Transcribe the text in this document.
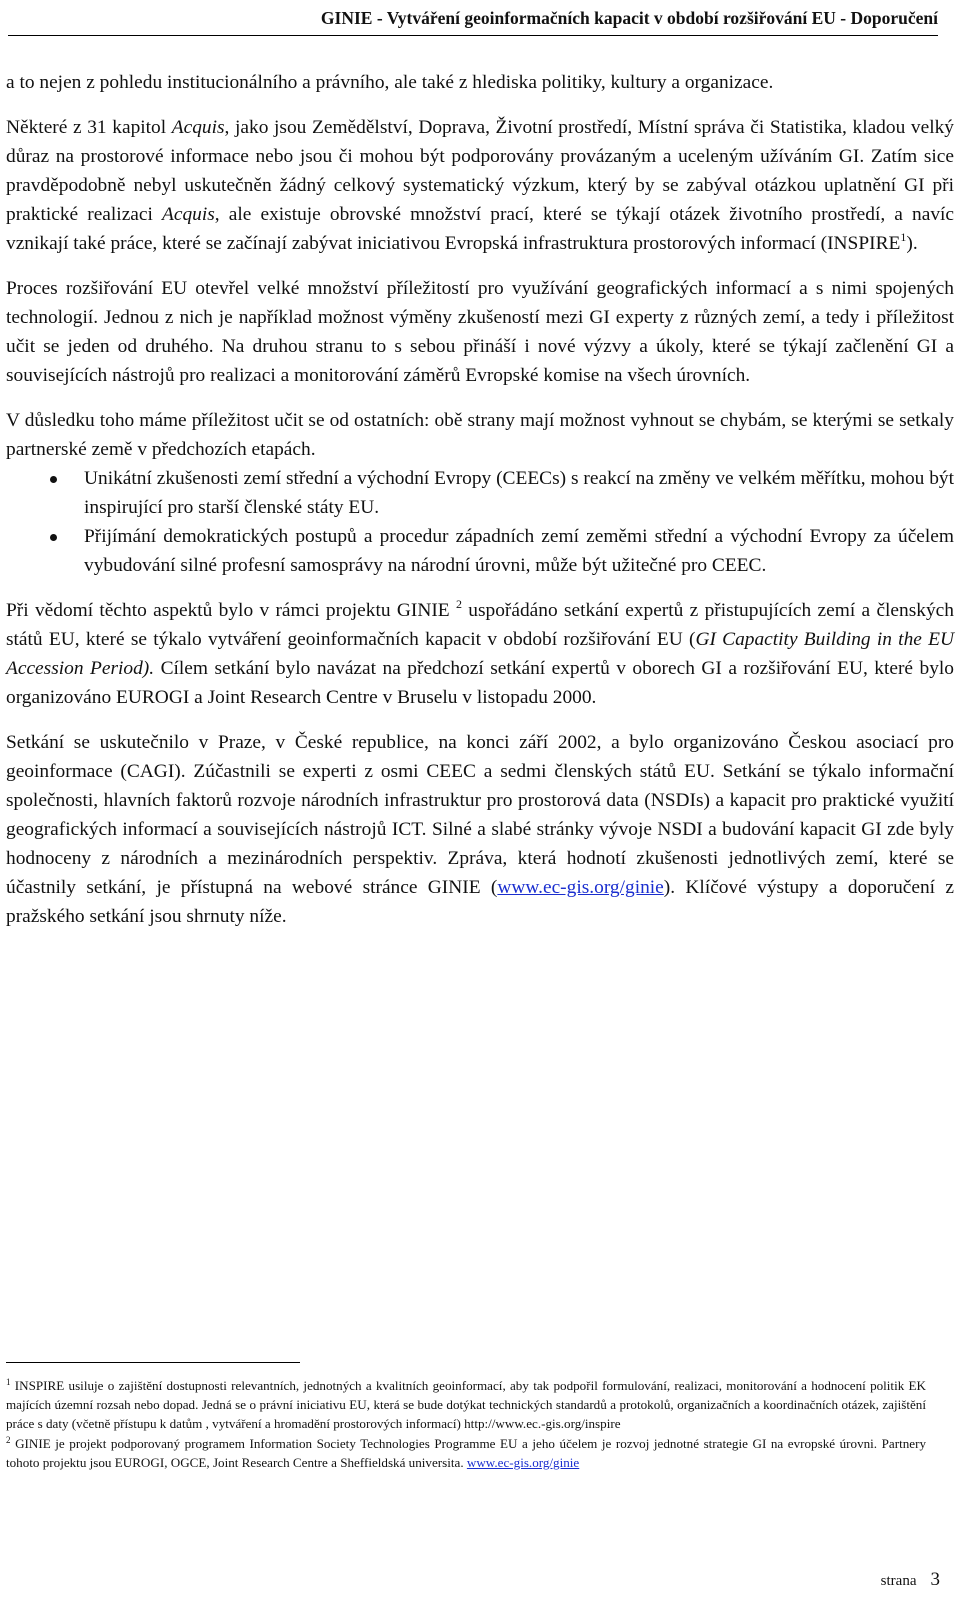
GINIE - Vytváření geoinformačních kapacit v období rozšiřování EU - Doporučení

a to nejen z pohledu institucionálního a právního, ale také z hlediska politiky, kultury a organizace.

Některé z 31 kapitol Acquis, jako jsou Zemědělství, Doprava, Životní prostředí, Místní správa či Statistika, kladou velký důraz na prostorové informace nebo jsou či mohou být podporovány provázaným a uceleným užíváním GI. Zatím sice pravděpodobně nebyl uskutečněn žádný celkový systematický výzkum, který by se zabýval otázkou uplatnění GI při praktické realizaci Acquis, ale existuje obrovské množství prací, které se týkají otázek životního prostředí, a navíc vznikají také práce, které se začínají zabývat iniciativou Evropská infrastruktura prostorových informací (INSPIRE$^1$).

Proces rozšiřování EU otevřel velké množství příležitostí pro využívání geografických informací a s nimi spojených technologií. Jednou z nich je například možnost výměny zkušeností mezi GI experty z různých zemí, a tedy i příležitost učit se jeden od druhého. Na druhou stranu to s sebou přináší i nové výzvy a úkoly, které se týkají začlenění GI a souvisejících nástrojů pro realizaci a monitorování záměrů Evropské komise na všech úrovních.

V důsledku toho máme příležitost učit se od ostatních: obě strany mají možnost vyhnout se chybám, se kterými se setkaly partnerské země v předchozích etapách.

Unikátní zkušenosti zemí střední a východní Evropy (CEECs) s reakcí na změny ve velkém měřítku, mohou být inspirující pro starší členské státy EU.
Přijímání demokratických postupů a procedur západních zemí zeměmi střední a východní Evropy za účelem vybudování silné profesní samosprávy na národní úrovni, může být užitečné pro CEEC.

Při vědomí těchto aspektů bylo v rámci projektu GINIE $^2$ uspořádáno setkání expertů z přistupujících zemí a členských států EU, které se týkalo vytváření geoinformačních kapacit v období rozšiřování EU (GI Capactity Building in the EU Accession Period). Cílem setkání bylo navázat na předchozí setkání expertů v oborech GI a rozšiřování EU, které bylo organizováno EUROGI a Joint Research Centre v Bruselu v listopadu 2000.

Setkání se uskutečnilo v Praze, v České republice, na konci září 2002, a bylo organizováno Českou asociací pro geoinformace (CAGI). Zúčastnili se experti z osmi CEEC a sedmi členských států EU. Setkání se týkalo informační společnosti, hlavních faktorů rozvoje národních infrastruktur pro prostorová data (NSDIs) a kapacit pro praktické využití geografických informací a souvisejících nástrojů ICT. Silné a slabé stránky vývoje NSDI a budování kapacit GI zde byly hodnoceny z národních a mezinárodních perspektiv. Zpráva, která hodnotí zkušenosti jednotlivých zemí, které se účastnily setkání, je přístupná na webové stránce GINIE (www.ec-gis.org/ginie). Klíčové výstupy a doporučení z pražského setkání jsou shrnuty níže.

$^1$ INSPIRE usiluje o zajištění dostupnosti relevantních, jednotných a kvalitních geoinformací, aby tak podpořil formulování, realizaci, monitorování a hodnocení politik EK majících územní rozsah nebo dopad. Jedná se o právní iniciativu EU, která se bude dotýkat technických standardů a protokolů, organizačních a koordinačních otázek, zajištění práce s daty (včetně přístupu k datům , vytváření a hromadění prostorových informací) http://www.ec.-gis.org/inspire

$^2$ GINIE je projekt podporovaný programem Information Society Technologies Programme EU a jeho účelem je rozvoj jednotné strategie GI na evropské úrovni. Partnery tohoto projektu jsou EUROGI, OGCE, Joint Research Centre a Sheffieldská universita. www.ec-gis.org/ginie

strana 3
